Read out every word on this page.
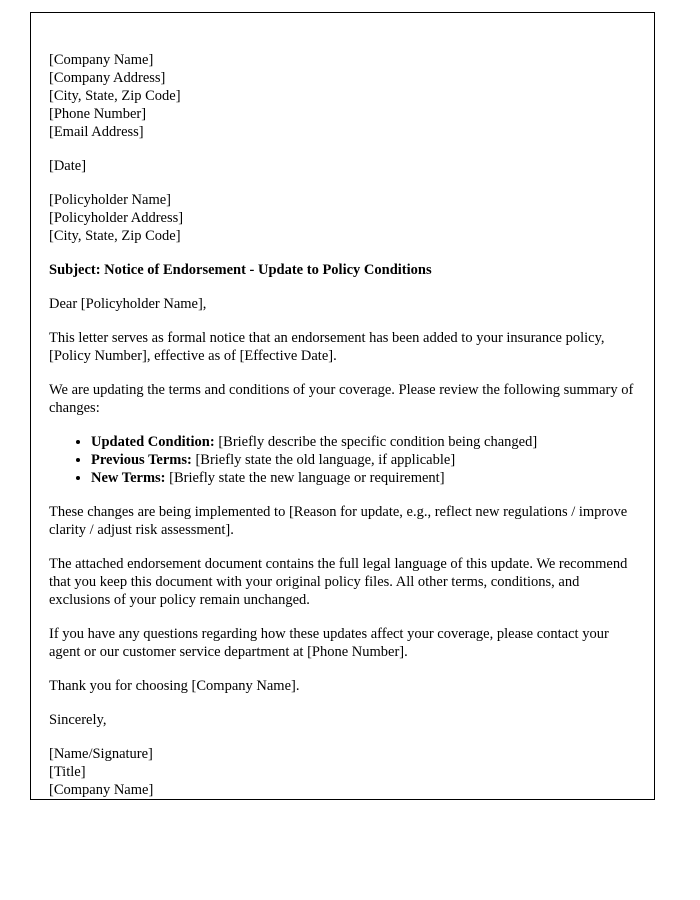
[Company Name]
[Company Address]
[City, State, Zip Code]
[Phone Number]
[Email Address]
[Date]
[Policyholder Name]
[Policyholder Address]
[City, State, Zip Code]
Subject: Notice of Endorsement - Update to Policy Conditions
Dear [Policyholder Name],
This letter serves as formal notice that an endorsement has been added to your insurance policy, [Policy Number], effective as of [Effective Date].
We are updating the terms and conditions of your coverage. Please review the following summary of changes:
• Updated Condition: [Briefly describe the specific condition being changed]
• Previous Terms: [Briefly state the old language, if applicable]
• New Terms: [Briefly state the new language or requirement]
These changes are being implemented to [Reason for update, e.g., reflect new regulations / improve clarity / adjust risk assessment].
The attached endorsement document contains the full legal language of this update. We recommend that you keep this document with your original policy files. All other terms, conditions, and exclusions of your policy remain unchanged.
If you have any questions regarding how these updates affect your coverage, please contact your agent or our customer service department at [Phone Number].
Thank you for choosing [Company Name].
Sincerely,
[Name/Signature]
[Title]
[Company Name]
